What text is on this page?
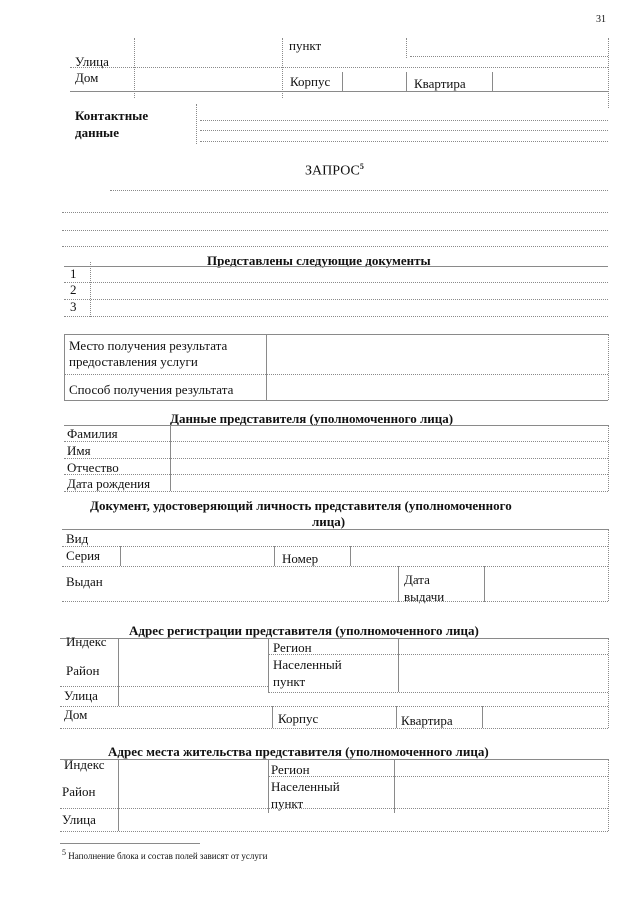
31
пункт
Улица
Дом	Корпус	Квартира
Контактные
данные
ЗАПРОС$^5$
Представлены следующие документы
1
2
3
Место получения результата
предоставления услуги
Способ получения результата
Данные представителя (уполномоченного лица)
Фамилия
Имя
Отчество
Дата рождения
Документ, удостоверяющий личность представителя (уполномоченного
лица)
Вид
Серия	Номер
Выдан	Дата
выдачи
Адрес регистрации представителя (уполномоченного лица)
Индекс	Регион
Район	Населенный
пункт
Улица
Дом	Корпус	Квартира
Адрес места жительства представителя (уполномоченного лица)
Индекс	Регион
Район	Населенный
пункт
Улица
$^5$ Наполнение блока и состав полей зависят от услуги
